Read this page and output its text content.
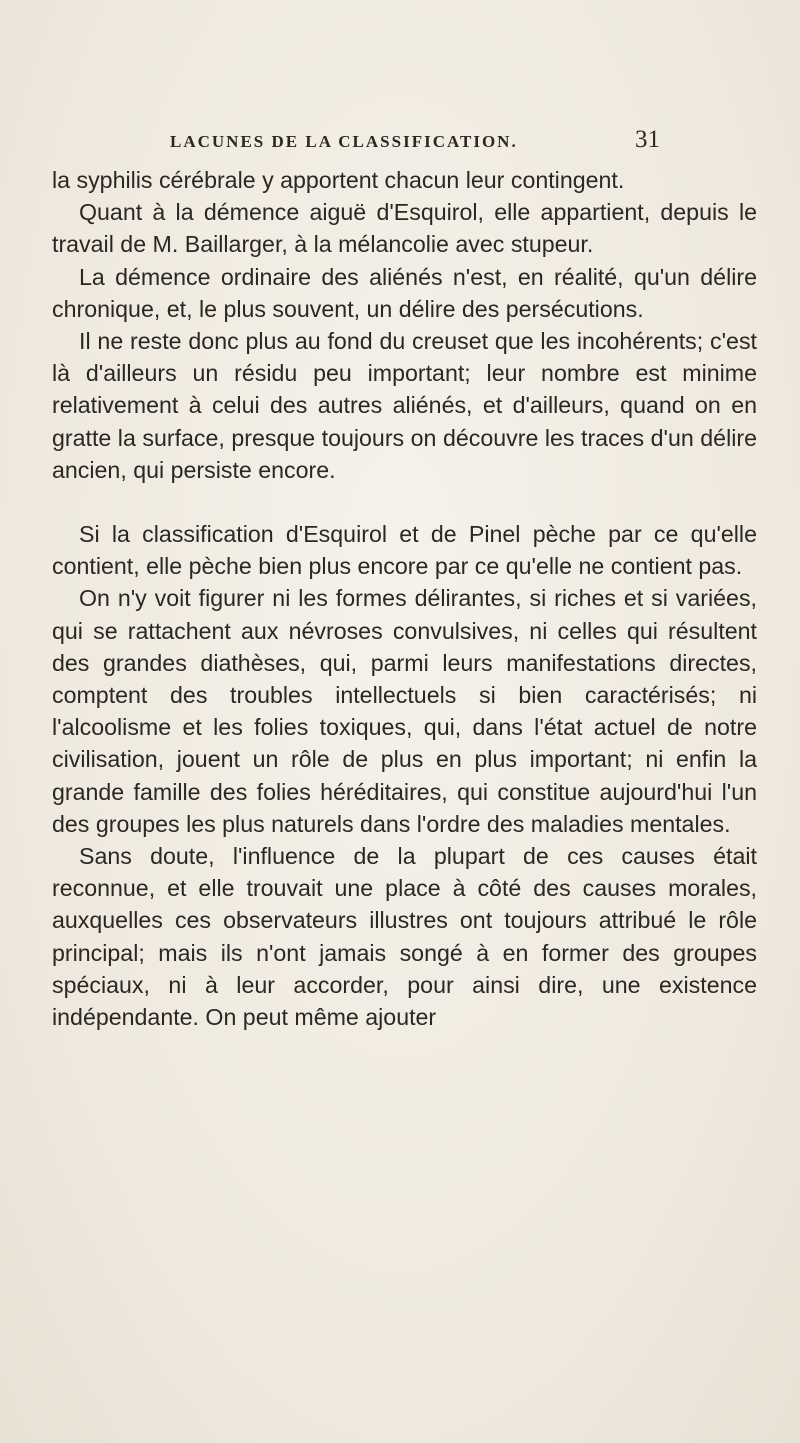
LACUNES DE LA CLASSIFICATION.	31

la syphilis cérébrale y apportent chacun leur contingent.

Quant à la démence aiguë d'Esquirol, elle appartient, depuis le travail de M. Baillarger, à la mélancolie avec stupeur.

La démence ordinaire des aliénés n'est, en réalité, qu'un délire chronique, et, le plus souvent, un délire des persécutions.

Il ne reste donc plus au fond du creuset que les incohérents; c'est là d'ailleurs un résidu peu important; leur nombre est minime relativement à celui des autres aliénés, et d'ailleurs, quand on en gratte la surface, presque toujours on découvre les traces d'un délire ancien, qui persiste encore.

Si la classification d'Esquirol et de Pinel pèche par ce qu'elle contient, elle pèche bien plus encore par ce qu'elle ne contient pas.

On n'y voit figurer ni les formes délirantes, si riches et si variées, qui se rattachent aux névroses convulsives, ni celles qui résultent des grandes diathèses, qui, parmi leurs manifestations directes, comptent des troubles intellectuels si bien caractérisés; ni l'alcoolisme et les folies toxiques, qui, dans l'état actuel de notre civilisation, jouent un rôle de plus en plus important; ni enfin la grande famille des folies héréditaires, qui constitue aujourd'hui l'un des groupes les plus naturels dans l'ordre des maladies mentales.

Sans doute, l'influence de la plupart de ces causes était reconnue, et elle trouvait une place à côté des causes morales, auxquelles ces observateurs illustres ont toujours attribué le rôle principal; mais ils n'ont jamais songé à en former des groupes spéciaux, ni à leur accorder, pour ainsi dire, une existence indépendante. On peut même ajouter
